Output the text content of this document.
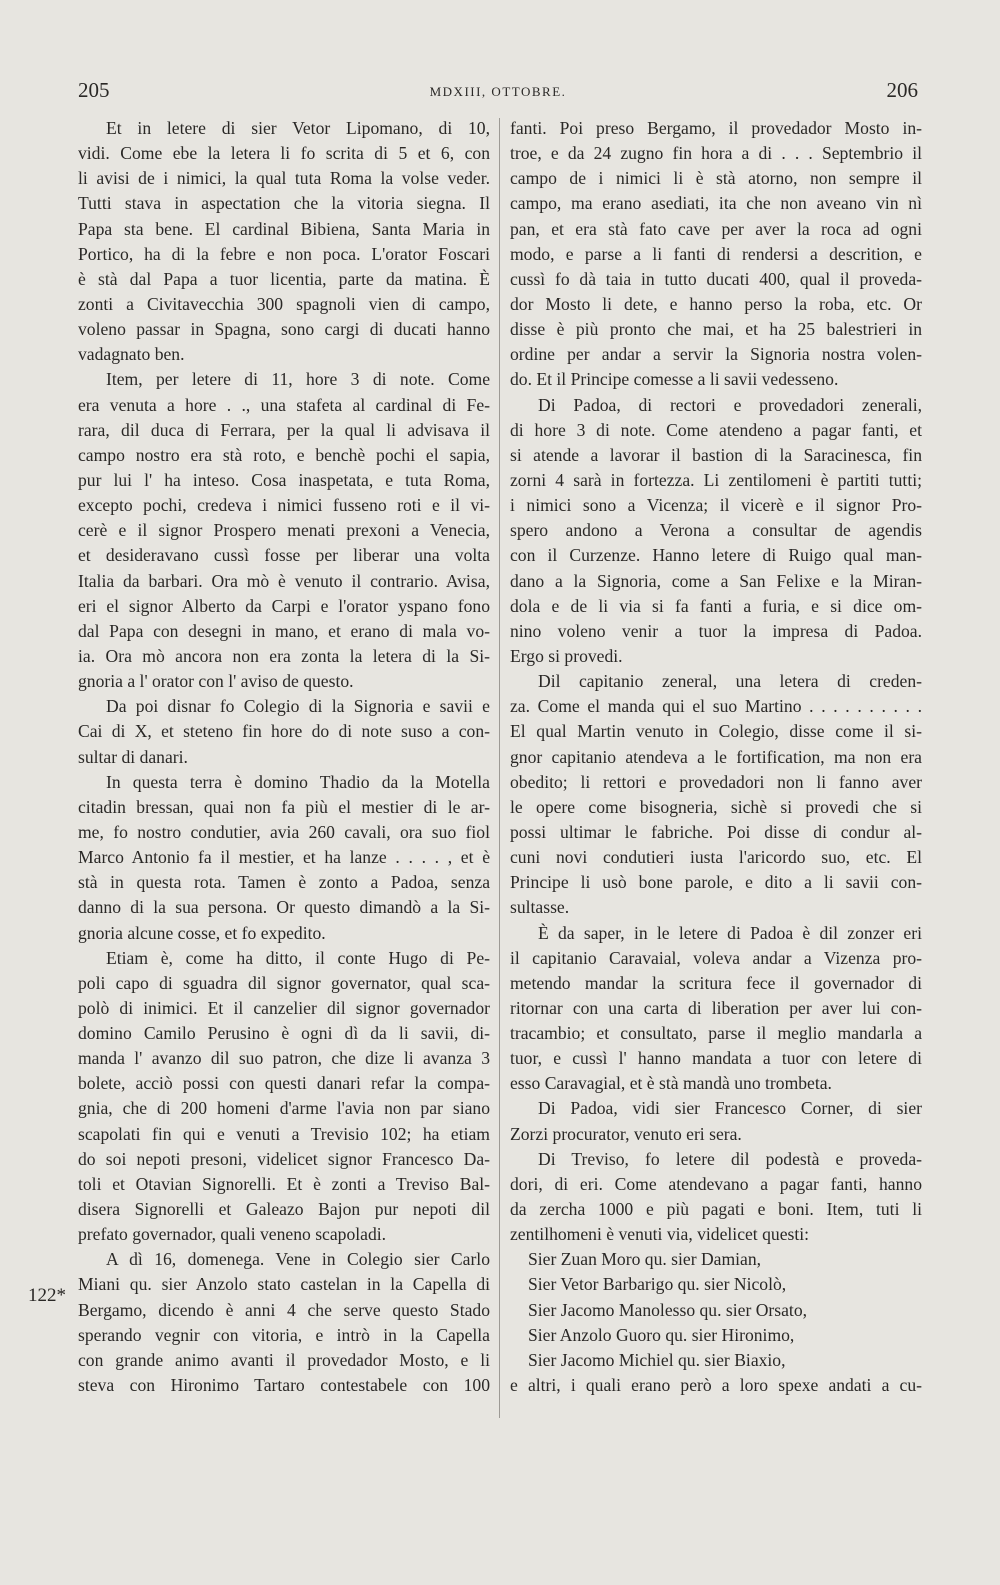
205	MDXIII, OTTOBRE.	206
122*
Et in letere di sier Vetor Lipomano, di 10,
vidi. Come ebe la letera li fo scrita di 5 et 6, con
li avisi de i nimici, la qual tuta Roma la volse veder.
Tutti stava in aspectation che la vitoria siegna. Il
Papa sta bene. El cardinal Bibiena, Santa Maria in
Portico, ha di la febre e non poca. L'orator Foscari
è stà dal Papa a tuor licentia, parte da matina. È
zonti a Civitavecchia 300 spagnoli vien di campo,
voleno passar in Spagna, sono cargi di ducati hanno
vadagnato ben.
Item, per letere di 11, hore 3 di note. Come
era venuta a hore . ., una stafeta al cardinal di Fe-
rara, dil duca di Ferrara, per la qual li advisava il
campo nostro era stà roto, e benchè pochi el sapia,
pur lui l' ha inteso. Cosa inaspetata, e tuta Roma,
excepto pochi, credeva i nimici fusseno roti e il vi-
cerè e il signor Prospero menati prexoni a Venecia,
et desideravano cussì fosse per liberar una volta
Italia da barbari. Ora mò è venuto il contrario. Avisa,
eri el signor Alberto da Carpi e l'orator yspano fono
dal Papa con desegni in mano, et erano di mala vo-
ia. Ora mò ancora non era zonta la letera di la Si-
gnoria a l' orator con l' aviso de questo.
Da poi disnar fo Colegio di la Signoria e savii e
Cai di X, et steteno fin hore do di note suso a con-
sultar di danari.
In questa terra è domino Thadio da la Motella
citadin bressan, quai non fa più el mestier di le ar-
me, fo nostro condutier, avia 260 cavali, ora suo fiol
Marco Antonio fa il mestier, et ha lanze . . . . , et è
stà in questa rota. Tamen è zonto a Padoa, senza
danno di la sua persona. Or questo dimandò a la Si-
gnoria alcune cosse, et fo expedito.
Etiam è, come ha ditto, il conte Hugo di Pe-
poli capo di sguadra dil signor governator, qual sca-
polò di inimici. Et il canzelier dil signor governador
domino Camilo Perusino è ogni dì da li savii, di-
manda l' avanzo dil suo patron, che dize li avanza 3
bolete, acciò possi con questi danari refar la compa-
gnia, che di 200 homeni d'arme l'avia non par siano
scapolati fin qui e venuti a Trevisio 102; ha etiam
do soi nepoti presoni, videlicet signor Francesco Da-
toli et Otavian Signorelli. Et è zonti a Treviso Bal-
disera Signorelli et Galeazo Bajon pur nepoti dil
prefato governador, quali veneno scapoladi.
A dì 16, domenega. Vene in Colegio sier Carlo
Miani qu. sier Anzolo stato castelan in la Capella di
Bergamo, dicendo è anni 4 che serve questo Stado
sperando vegnir con vitoria, e intrò in la Capella
con grande animo avanti il provedador Mosto, e li
steva con Hironimo Tartaro contestabele con 100
fanti. Poi preso Bergamo, il provedador Mosto in-
troe, e da 24 zugno fin hora a di . . . Septembrio il
campo de i nimici li è stà atorno, non sempre il
campo, ma erano asediati, ita che non aveano vin nì
pan, et era stà fato cave per aver la roca ad ogni
modo, e parse a li fanti di rendersi a descrition, e
cussì fo dà taia in tutto ducati 400, qual il proveda-
dor Mosto li dete, e hanno perso la roba, etc. Or
disse è più pronto che mai, et ha 25 balestrieri in
ordine per andar a servir la Signoria nostra volen-
do. Et il Principe comesse a li savii vedesseno.
Di Padoa, di rectori e provedadori zenerali,
di hore 3 di note. Come atendeno a pagar fanti, et
si atende a lavorar il bastion di la Saracinesca, fin
zorni 4 sarà in fortezza. Li zentilomeni è partiti tutti;
i nimici sono a Vicenza; il vicerè e il signor Pro-
spero andono a Verona a consultar de agendis
con il Curzenze. Hanno letere di Ruigo qual man-
dano a la Signoria, come a San Felixe e la Miran-
dola e de li via si fa fanti a furia, e si dice om-
nino voleno venir a tuor la impresa di Padoa.
Ergo si provedi.
Dil capitanio zeneral, una letera di creden-
za. Come el manda qui el suo Martino . . . . . . . . . .
El qual Martin venuto in Colegio, disse come il si-
gnor capitanio atendeva a le fortification, ma non era
obedito; li rettori e provedadori non li fanno aver
le opere come bisogneria, sichè si provedi che si
possi ultimar le fabriche. Poi disse di condur al-
cuni novi condutieri iusta l'aricordo suo, etc. El
Principe li usò bone parole, e dito a li savii con-
sultasse.
È da saper, in le letere di Padoa è dil zonzer eri
il capitanio Caravaial, voleva andar a Vizenza pro-
metendo mandar la scritura fece il governador di
ritornar con una carta di liberation per aver lui con-
tracambio; et consultato, parse il meglio mandarla a
tuor, e cussì l' hanno mandata a tuor con letere di
esso Caravagial, et è stà mandà uno trombeta.
Di Padoa, vidi sier Francesco Corner, di sier
Zorzi procurator, venuto eri sera.
Di Treviso, fo letere dil podestà e proveda-
dori, di eri. Come atendevano a pagar fanti, hanno
da zercha 1000 e più pagati e boni. Item, tuti li
zentilhomeni è venuti via, videlicet questi:
Sier Zuan Moro qu. sier Damian,
Sier Vetor Barbarigo qu. sier Nicolò,
Sier Jacomo Manolesso qu. sier Orsato,
Sier Anzolo Guoro qu. sier Hironimo,
Sier Jacomo Michiel qu. sier Biaxio,
e altri, i quali erano però a loro spexe andati a cu-
